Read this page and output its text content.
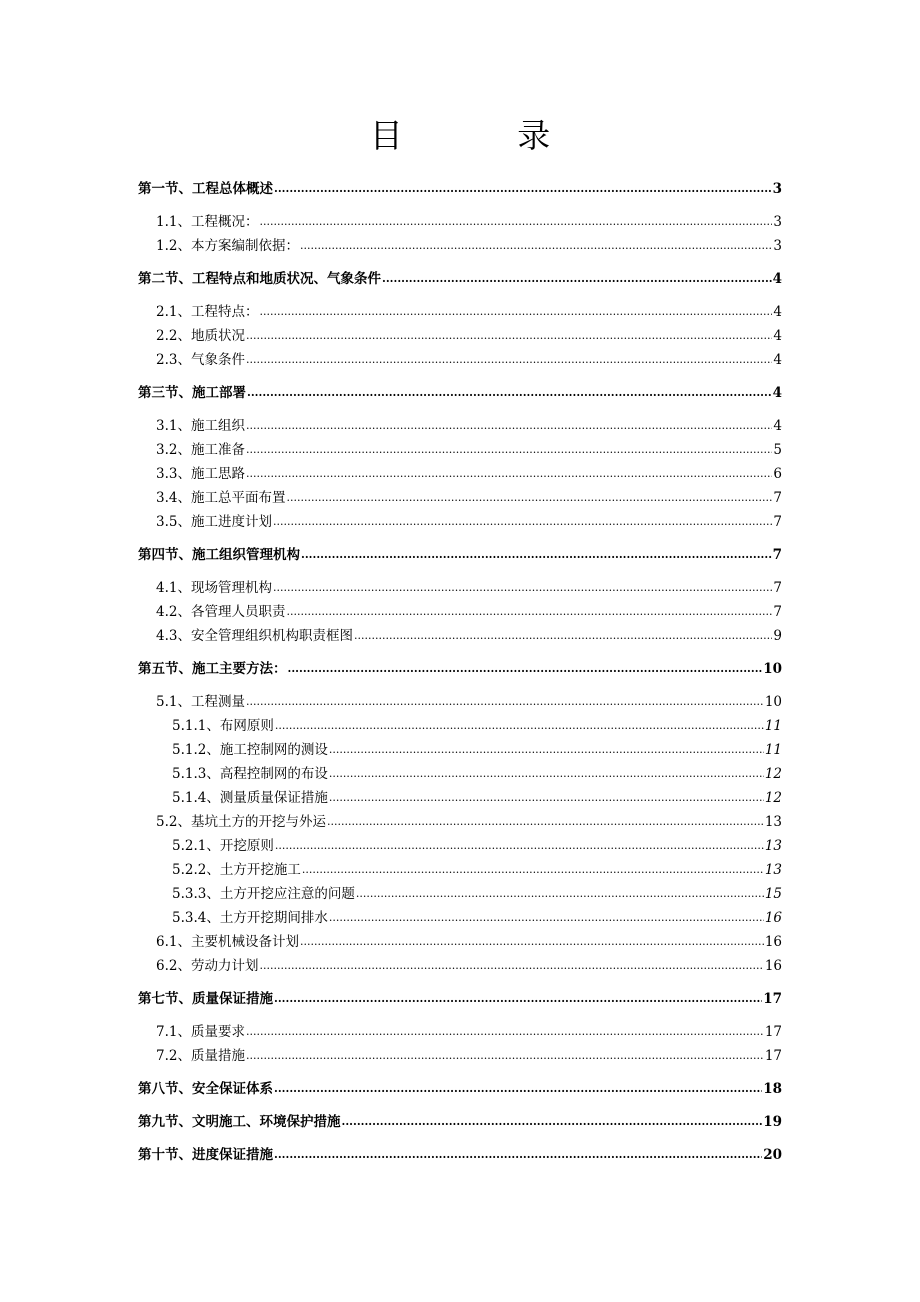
目 录
第一节、工程总体概述 .....	3
1.1、工程概况： .....	3
1.2、本方案编制依据： .....	3
第二节、工程特点和地质状况、气象条件 .....	4
2.1、工程特点： .....	4
2.2、地质状况 .....	4
2.3、气象条件 .....	4
第三节、施工部署 .....	4
3.1、施工组织 .....	4
3.2、施工准备 .....	5
3.3、施工思路 .....	6
3.4、施工总平面布置 .....	7
3.5、施工进度计划 .....	7
第四节、施工组织管理机构 .....	7
4.1、现场管理机构 .....	7
4.2、各管理人员职责 .....	7
4.3、安全管理组织机构职责框图 .....	9
第五节、施工主要方法： .....	10
5.1、工程测量 .....	10
5.1.1、布网原则 .....	11
5.1.2、施工控制网的测设 .....	11
5.1.3、高程控制网的布设 .....	12
5.1.4、测量质量保证措施 .....	12
5.2、基坑土方的开挖与外运 .....	13
5.2.1、开挖原则 .....	13
5.2.2、土方开挖施工 .....	13
5.3.3、土方开挖应注意的问题 .....	15
5.3.4、土方开挖期间排水 .....	16
6.1、主要机械设备计划 .....	16
6.2、劳动力计划 .....	16
第七节、质量保证措施 .....	17
7.1、质量要求 .....	17
7.2、质量措施 .....	17
第八节、安全保证体系 .....	18
第九节、文明施工、环境保护措施 .....	19
第十节、进度保证措施 .....	20
